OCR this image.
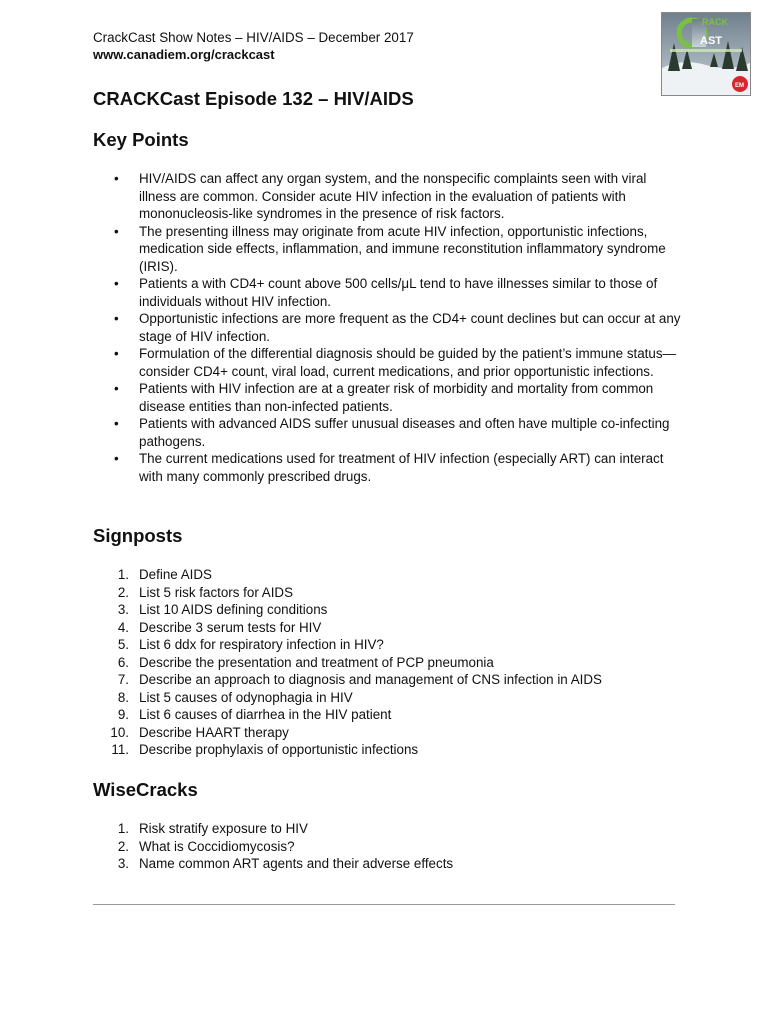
CrackCast Show Notes – HIV/AIDS – December 2017
www.canadiem.org/crackcast
RACK
AST
EM
CRACKCast Episode 132 – HIV/AIDS
Key Points
• HIV/AIDS can affect any organ system, and the nonspecific complaints seen with viral illness are common. Consider acute HIV infection in the evaluation of patients with mononucleosis-like syndromes in the presence of risk factors.
• The presenting illness may originate from acute HIV infection, opportunistic infections, medication side effects, inflammation, and immune reconstitution inflammatory syndrome (IRIS).
• Patients a with CD4+ count above 500 cells/μL tend to have illnesses similar to those of individuals without HIV infection.
• Opportunistic infections are more frequent as the CD4+ count declines but can occur at any stage of HIV infection.
• Formulation of the differential diagnosis should be guided by the patient’s immune status—consider CD4+ count, viral load, current medications, and prior opportunistic infections.
• Patients with HIV infection are at a greater risk of morbidity and mortality from common disease entities than non-infected patients.
• Patients with advanced AIDS suffer unusual diseases and often have multiple co-infecting pathogens.
• The current medications used for treatment of HIV infection (especially ART) can interact with many commonly prescribed drugs.
Signposts
1. Define AIDS
2. List 5 risk factors for AIDS
3. List 10 AIDS defining conditions
4. Describe 3 serum tests for HIV
5. List 6 ddx for respiratory infection in HIV?
6. Describe the presentation and treatment of PCP pneumonia
7. Describe an approach to diagnosis and management of CNS infection in AIDS
8. List 5 causes of odynophagia in HIV
9. List 6 causes of diarrhea in the HIV patient
10. Describe HAART therapy
11. Describe prophylaxis of opportunistic infections
WiseCracks
1. Risk stratify exposure to HIV
2. What is Coccidiomycosis?
3. Name common ART agents and their adverse effects
